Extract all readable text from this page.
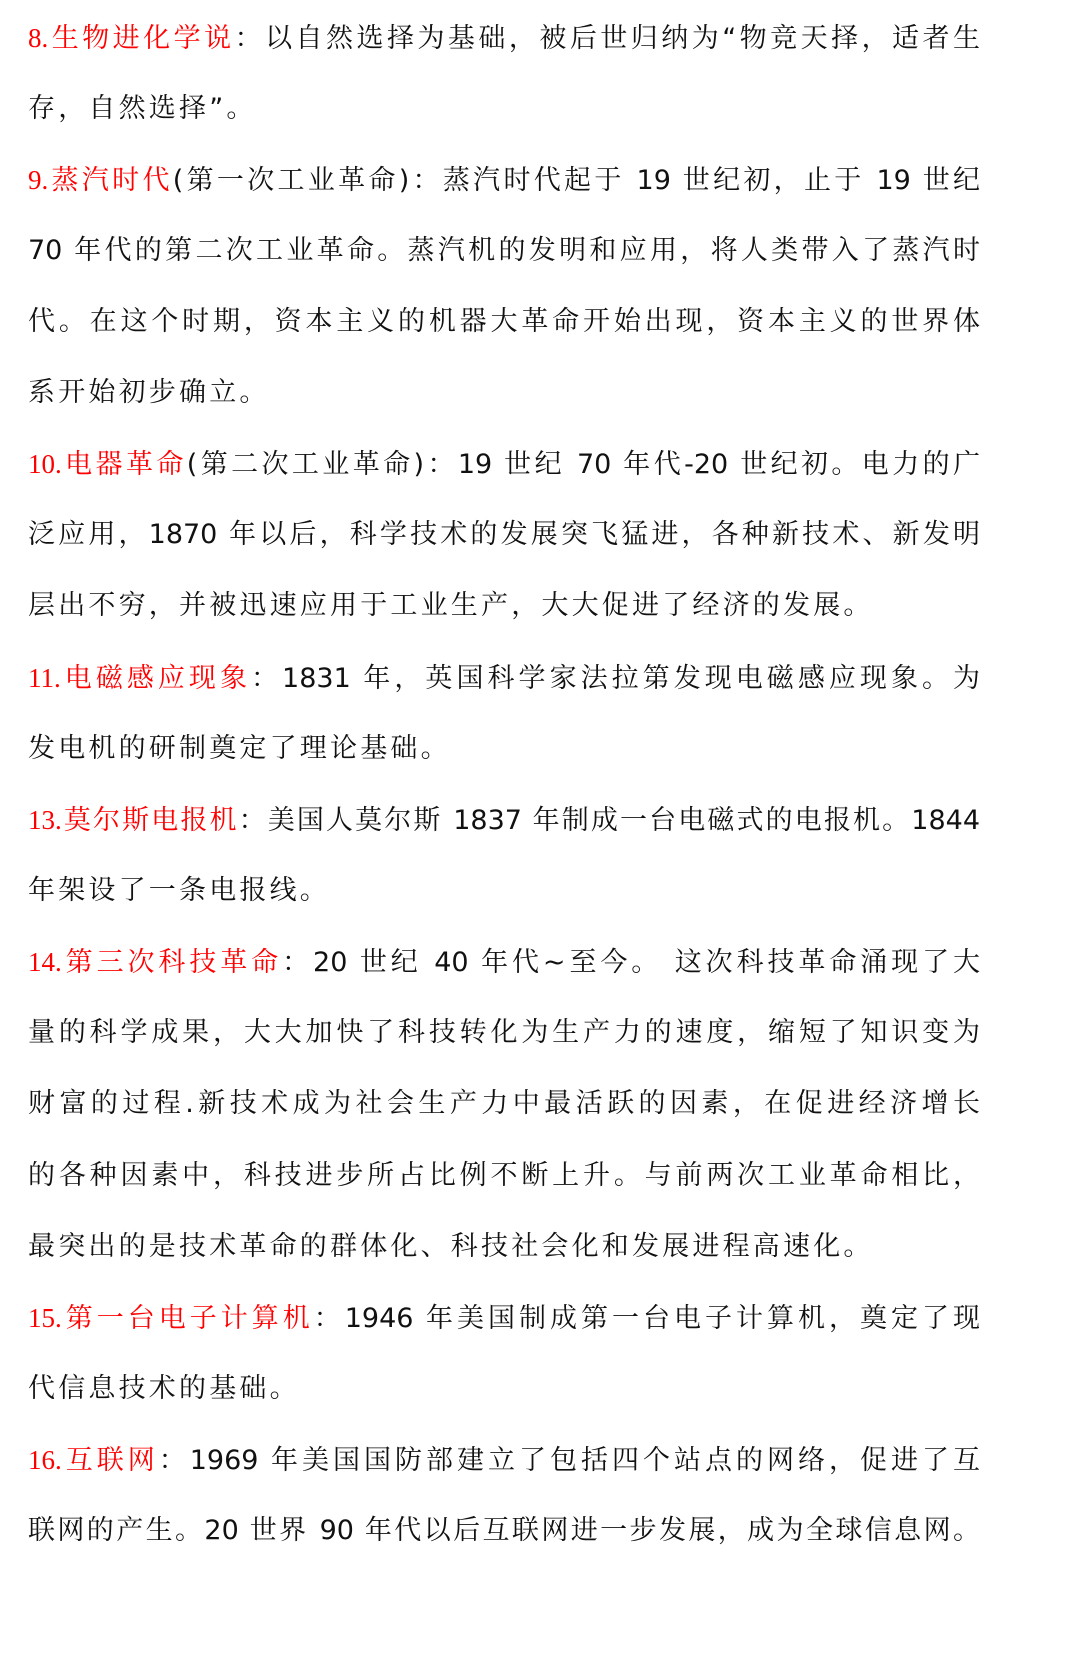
8.生物进化学说：以自然选择为基础，被后世归纳为“物竞天择，适者生
存，自然选择”。
9.蒸汽时代(第一次工业革命)：蒸汽时代起于 19 世纪初，止于 19 世纪
70 年代的第二次工业革命。蒸汽机的发明和应用，将人类带入了蒸汽时
代。在这个时期，资本主义的机器大革命开始出现，资本主义的世界体
系开始初步确立。
10.电器革命(第二次工业革命)：19 世纪 70 年代-20 世纪初。电力的广
泛应用，1870 年以后，科学技术的发展突飞猛进，各种新技术、新发明
层出不穷，并被迅速应用于工业生产，大大促进了经济的发展。
11.电磁感应现象：1831 年，英国科学家法拉第发现电磁感应现象。为
发电机的研制奠定了理论基础。
13.莫尔斯电报机：美国人莫尔斯 1837 年制成一台电磁式的电报机。1844
年架设了一条电报线。
14.第三次科技革命：20 世纪 40 年代~至今。 这次科技革命涌现了大
量的科学成果，大大加快了科技转化为生产力的速度，缩短了知识变为
财富的过程.新技术成为社会生产力中最活跃的因素，在促进经济增长
的各种因素中，科技进步所占比例不断上升。与前两次工业革命相比，
最突出的是技术革命的群体化、科技社会化和发展进程高速化。
15.第一台电子计算机：1946 年美国制成第一台电子计算机，奠定了现
代信息技术的基础。
16.互联网：1969 年美国国防部建立了包括四个站点的网络，促进了互
联网的产生。20 世界 90 年代以后互联网进一步发展，成为全球信息网。
